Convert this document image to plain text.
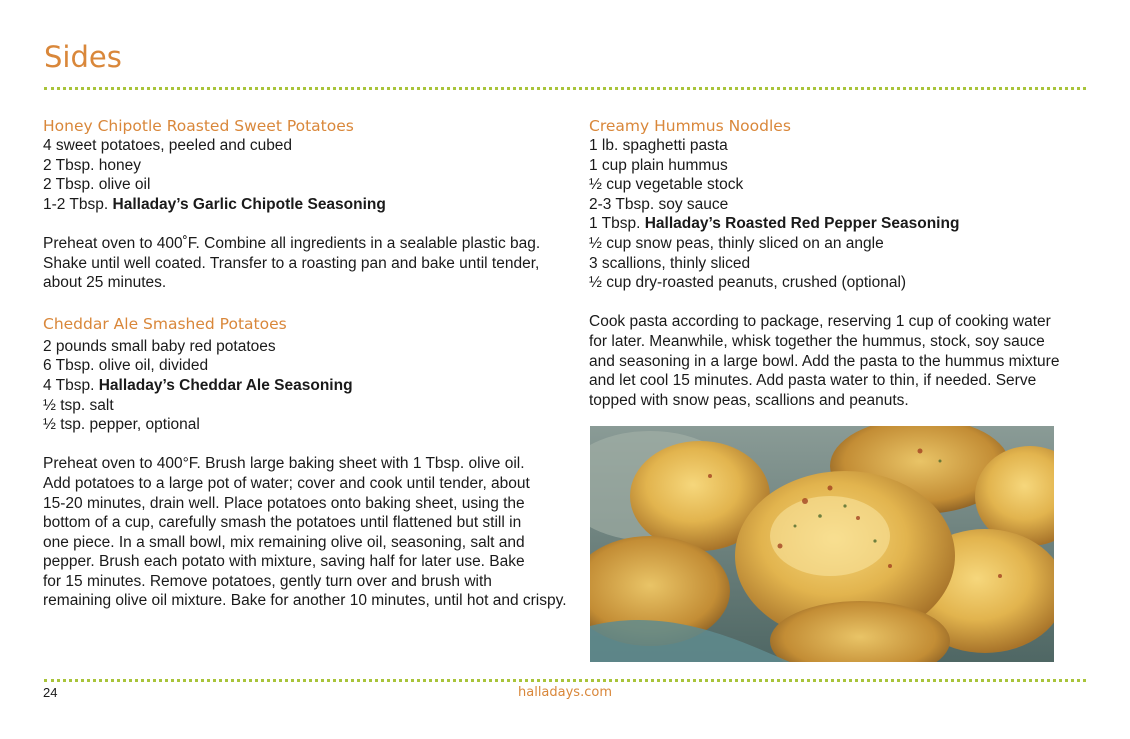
Sides
Honey Chipotle Roasted Sweet Potatoes
4 sweet potatoes, peeled and cubed
2 Tbsp. honey
2 Tbsp. olive oil
1-2 Tbsp. Halladay’s Garlic Chipotle Seasoning

Preheat oven to 400˚F. Combine all ingredients in a sealable plastic bag.
Shake until well coated. Transfer to a roasting pan and bake until tender,
about 25 minutes.

Cheddar Ale Smashed Potatoes
2 pounds small baby red potatoes
6 Tbsp. olive oil, divided
4 Tbsp. Halladay’s Cheddar Ale Seasoning
½ tsp. salt
½ tsp. pepper, optional

Preheat oven to 400°F. Brush large baking sheet with 1 Tbsp. olive oil.
Add potatoes to a large pot of water; cover and cook until tender, about
15-20 minutes, drain well. Place potatoes onto baking sheet, using the
bottom of a cup, carefully smash the potatoes until flattened but still in
one piece. In a small bowl, mix remaining olive oil, seasoning, salt and
pepper. Brush each potato with mixture, saving half for later use. Bake
for 15 minutes. Remove potatoes, gently turn over and brush with
remaining olive oil mixture. Bake for another 10 minutes, until hot and crispy.

Creamy Hummus Noodles
1 lb. spaghetti pasta
1 cup plain hummus
½ cup vegetable stock
2-3 Tbsp. soy sauce
1 Tbsp. Halladay’s Roasted Red Pepper Seasoning
½ cup snow peas, thinly sliced on an angle
3 scallions, thinly sliced
½ cup dry-roasted peanuts, crushed (optional)

Cook pasta according to package, reserving 1 cup of cooking water
for later. Meanwhile, whisk together the hummus, stock, soy sauce
and seasoning in a large bowl. Add the pasta to the hummus mixture
and let cool 15 minutes. Add pasta water to thin, if needed. Serve
topped with snow peas, scallions and peanuts.

24	halladays.com
